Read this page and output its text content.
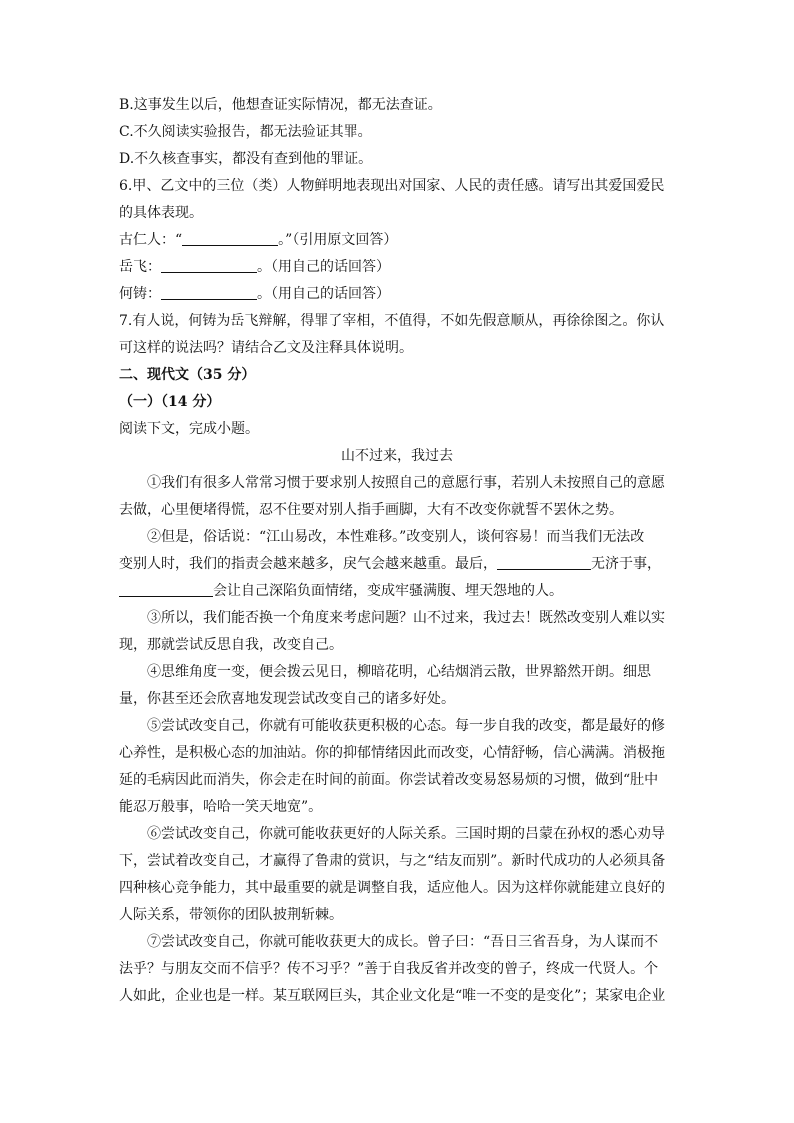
B.这事发生以后，他想查证实际情况，都无法查证。
C.不久阅读实验报告，都无法验证其罪。
D.不久核查事实，都没有查到他的罪证。
6.甲、乙文中的三位（类）人物鲜明地表现出对国家、人民的责任感。请写出其爱国爱民
的具体表现。
古仁人：“	。”（引用原文回答）
岳飞：	。（用自己的话回答）
何铸：	。（用自己的话回答）
7.有人说，何铸为岳飞辩解，得罪了宰相，不值得，不如先假意顺从，再徐徐图之。你认
可这样的说法吗？请结合乙文及注释具体说明。
二、现代文（35 分）
（一）（14 分）
阅读下文，完成小题。
山不过来，我过去
①我们有很多人常常习惯于要求别人按照自己的意愿行事，若别人未按照自己的意愿
去做，心里便堵得慌，忍不住要对别人指手画脚，大有不改变你就誓不罢休之势。
②但是，俗话说：“江山易改，本性难移。”改变别人，谈何容易！而当我们无法改
变别人时，我们的指责会越来越多，戾气会越来越重。最后，	无济于事，
会让自己深陷负面情绪，变成牢骚满腹、埋天怨地的人。
③所以，我们能否换一个角度来考虑问题？山不过来，我过去！既然改变别人难以实
现，那就尝试反思自我，改变自己。
④思维角度一变，便会拨云见日，柳暗花明，心结烟消云散，世界豁然开朗。细思
量，你甚至还会欣喜地发现尝试改变自己的诸多好处。
⑤尝试改变自己，你就有可能收获更积极的心态。每一步自我的改变，都是最好的修
心养性，是积极心态的加油站。你的抑郁情绪因此而改变，心情舒畅，信心满满。消极拖
延的毛病因此而消失，你会走在时间的前面。你尝试着改变易怒易烦的习惯，做到“肚中
能忍万般事，哈哈一笑天地宽”。
⑥尝试改变自己，你就可能收获更好的人际关系。三国时期的吕蒙在孙权的悉心劝导
下，尝试着改变自己，才赢得了鲁肃的赏识，与之“结友而别”。新时代成功的人必须具备
四种核心竞争能力，其中最重要的就是调整自我，适应他人。因为这样你就能建立良好的
人际关系，带领你的团队披荆斩棘。
⑦尝试改变自己，你就可能收获更大的成长。曾子曰：“吾日三省吾身，为人谋而不
法乎？与朋友交而不信乎？传不习乎？”善于自我反省并改变的曾子，终成一代贤人。个
人如此，企业也是一样。某互联网巨头，其企业文化是“唯一不变的是变化”；某家电企业
